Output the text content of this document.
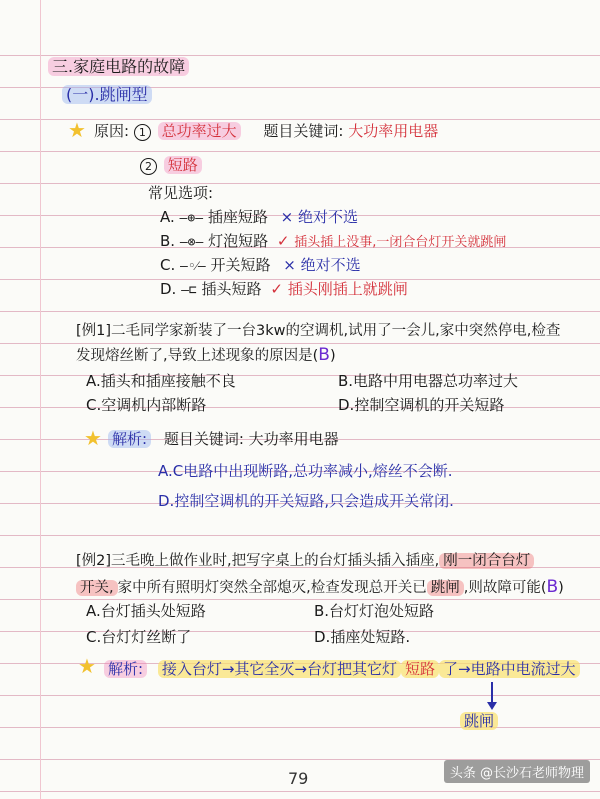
三.家庭电路的故障
(一).跳闸型
★ 原因: 1 总功率过大 题目关键词: 大功率用电器
2 短路
常见选项:
A. —⊕— 插座短路 × 绝对不选
B. —⊗— 灯泡短路 ✓ 插头插上没事,一闭合台灯开关就跳闸
C. —◦⁄— 开关短路 × 绝对不选
D. —⊏ 插头短路 ✓ 插头刚插上就跳闸
[例1]二毛同学家新装了一台3kw的空调机,试用了一会儿,家中突然停电,检查
发现熔丝断了,导致上述现象的原因是(B)
A.插头和插座接触不良	B.电路中用电器总功率过大
C.空调机内部断路	D.控制空调机的开关短路
★ 解析: 题目关键词: 大功率用电器
A.C电路中出现断路,总功率减小,熔丝不会断.
D.控制空调机的开关短路,只会造成开关常闭.
[例2]三毛晚上做作业时,把写字桌上的台灯插头插入插座, 刚一闭合台灯
开关, 家中所有照明灯突然全部熄灭,检查发现总开关已 跳闸 ,则故障可能(B)
A.台灯插头处短路	B.台灯灯泡处短路
C.台灯灯丝断了	D.插座处短路.
★ 解析: 接入台灯→其它全灭→台灯把其它灯 短路 了→电路中电流过大
跳闸
79	头条 @长沙石老师物理
